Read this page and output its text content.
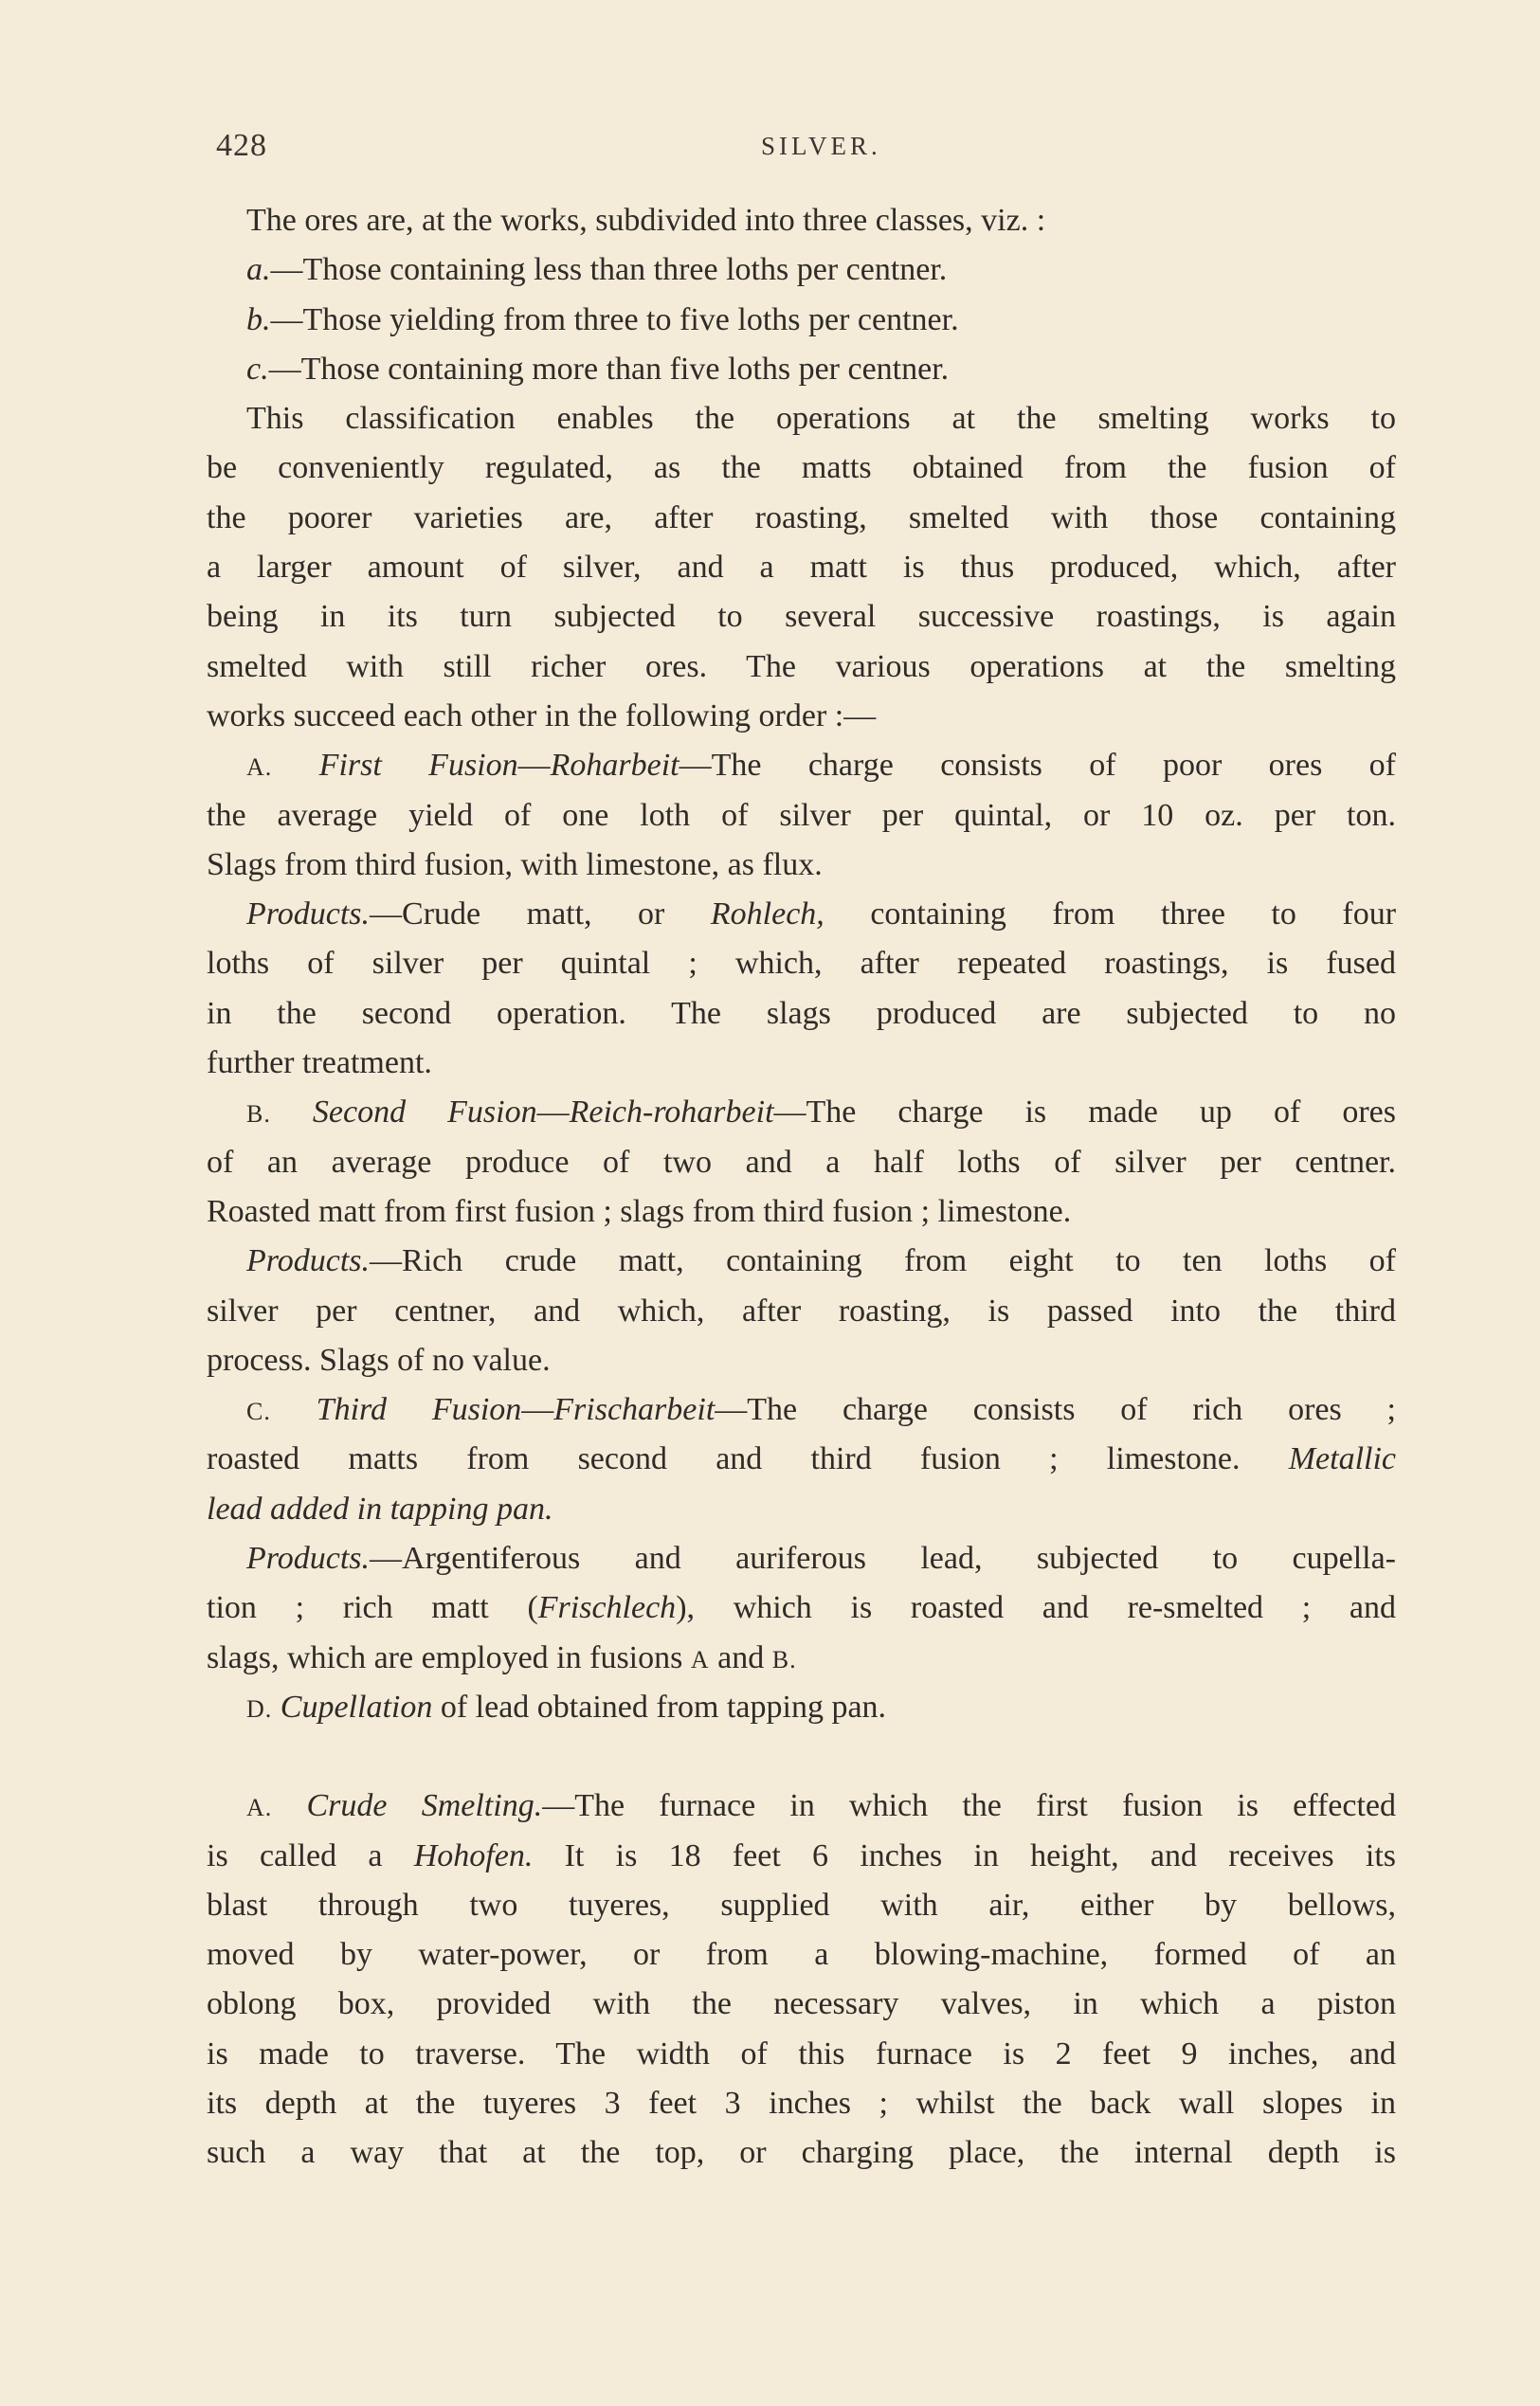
428	SILVER.
The ores are, at the works, subdivided into three classes, viz. :
a.—Those containing less than three loths per centner.
b.—Those yielding from three to five loths per centner.
c.—Those containing more than five loths per centner.
This classification enables the operations at the smelting works to
be conveniently regulated, as the matts obtained from the fusion of
the poorer varieties are, after roasting, smelted with those containing
a larger amount of silver, and a matt is thus produced, which, after
being in its turn subjected to several successive roastings, is again
smelted with still richer ores. The various operations at the smelting
works succeed each other in the following order :—
A. First Fusion—Roharbeit—The charge consists of poor ores of
the average yield of one loth of silver per quintal, or 10 oz. per ton.
Slags from third fusion, with limestone, as flux.
Products.—Crude matt, or Rohlech, containing from three to four
loths of silver per quintal ; which, after repeated roastings, is fused
in the second operation. The slags produced are subjected to no
further treatment.
B. Second Fusion—Reich-roharbeit—The charge is made up of ores
of an average produce of two and a half loths of silver per centner.
Roasted matt from first fusion ; slags from third fusion ; limestone.
Products.—Rich crude matt, containing from eight to ten loths of
silver per centner, and which, after roasting, is passed into the third
process. Slags of no value.
C. Third Fusion—Frischarbeit—The charge consists of rich ores ;
roasted matts from second and third fusion ; limestone. Metallic
lead added in tapping pan.
Products.—Argentiferous and auriferous lead, subjected to cupella-
tion ; rich matt (Frischlech), which is roasted and re-smelted ; and
slags, which are employed in fusions A and B.
D. Cupellation of lead obtained from tapping pan.
A. Crude Smelting.—The furnace in which the first fusion is effected
is called a Hohofen. It is 18 feet 6 inches in height, and receives its
blast through two tuyeres, supplied with air, either by bellows,
moved by water-power, or from a blowing-machine, formed of an
oblong box, provided with the necessary valves, in which a piston
is made to traverse. The width of this furnace is 2 feet 9 inches, and
its depth at the tuyeres 3 feet 3 inches ; whilst the back wall slopes in
such a way that at the top, or charging place, the internal depth is
